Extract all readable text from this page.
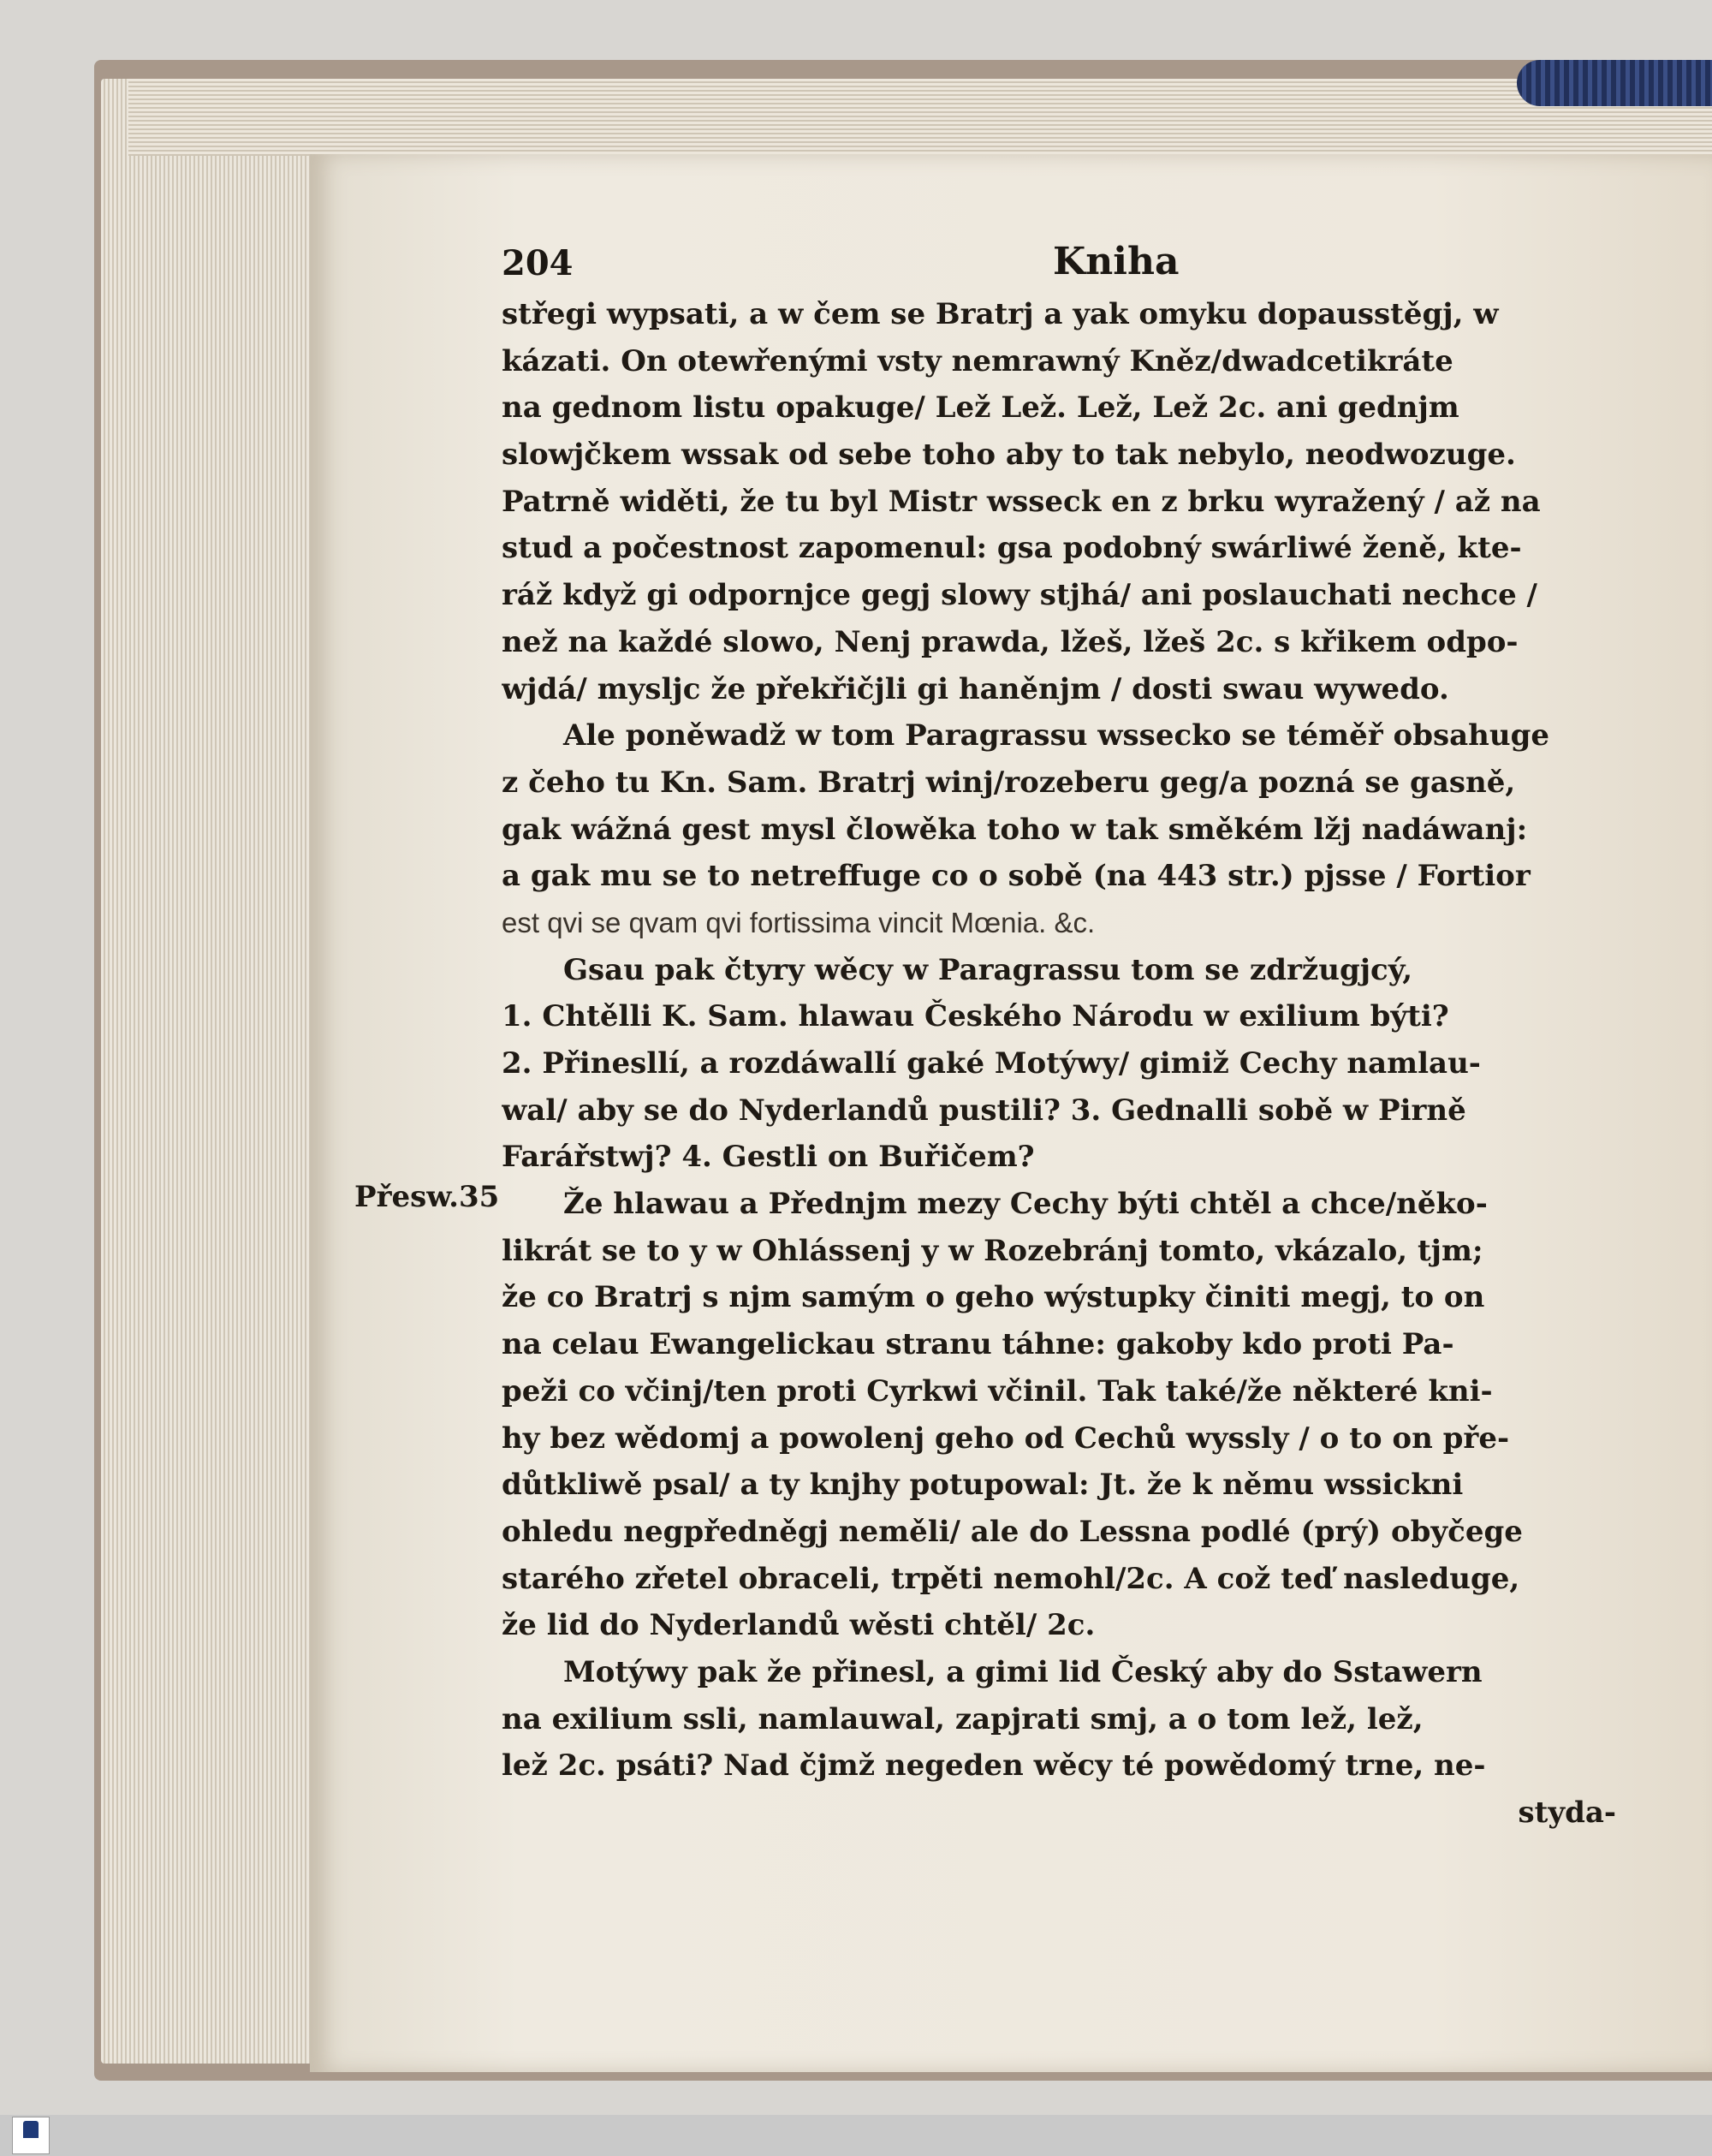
204	Kniha
Přesw.35
střegi wypsati, a w čem se Bratrj a yak omyku dopausstěgj, w
kázati. On otewřenými vsty nemrawný Kněz/dwadcetikráte
na gednom listu opakuge/ Lež Lež. Lež, Lež 2c. ani gednjm
slowjčkem wssak od sebe toho aby to tak nebylo, neodwozuge.
Patrně widěti, že tu byl Mistr wsseck en z brku wyražený / až na
stud a počestnost zapomenul: gsa podobný swárliwé ženě, kte-
ráž když gi odpornjce gegj slowy stjhá/ ani poslauchati nechce /
než na každé slowo, Nenj prawda, lžeš, lžeš 2c. s křikem odpo-
wjdá/ mysljc že překřičjli gi haněnjm / dosti swau wywedo.
Ale poněwadž w tom Paragrassu wssecko se téměř obsahuge
z čeho tu Kn. Sam. Bratrj winj/rozeberu geg/a pozná se gasně,
gak wážná gest mysl člowěka toho w tak směkém lžj nadáwanj:
a gak mu se to netreffuge co o sobě (na 443 str.) pjsse / Fortior
est qvi se qvam qvi fortissima vincit Mœnia. &c.
Gsau pak čtyry wěcy w Paragrassu tom se zdržugjcý,
1. Chtělli K. Sam. hlawau Českého Národu w exilium býti?
2. Přinesllí, a rozdáwallí gaké Motýwy/ gimiž Cechy namlau-
wal/ aby se do Nyderlandů pustili? 3. Gednalli sobě w Pirně
Farářstwj? 4. Gestli on Buřičem?
Že hlawau a Přednjm mezy Cechy býti chtěl a chce/něko-
likrát se to y w Ohlássenj y w Rozebránj tomto, vkázalo, tjm;
že co Bratrj s njm samým o geho wýstupky činiti megj, to on
na celau Ewangelickau stranu táhne: gakoby kdo proti Pa-
peži co včinj/ten proti Cyrkwi včinil. Tak také/že některé kni-
hy bez wědomj a powolenj geho od Cechů wyssly / o to on pře-
důtkliwě psal/ a ty knjhy potupowal: Jt. že k němu wssickni
ohledu negpředněgj neměli/ ale do Lessna podlé (prý) obyčege
starého zřetel obraceli, trpěti nemohl/2c. A což teď nasleduge,
že lid do Nyderlandů wěsti chtěl/ 2c.
Motýwy pak že přinesl, a gimi lid Český aby do Sstawern
na exilium ssli, namlauwal, zapjrati smj, a o tom lež, lež,
lež 2c. psáti? Nad čjmž negeden wěcy té powědomý trne, ne-
styda-
